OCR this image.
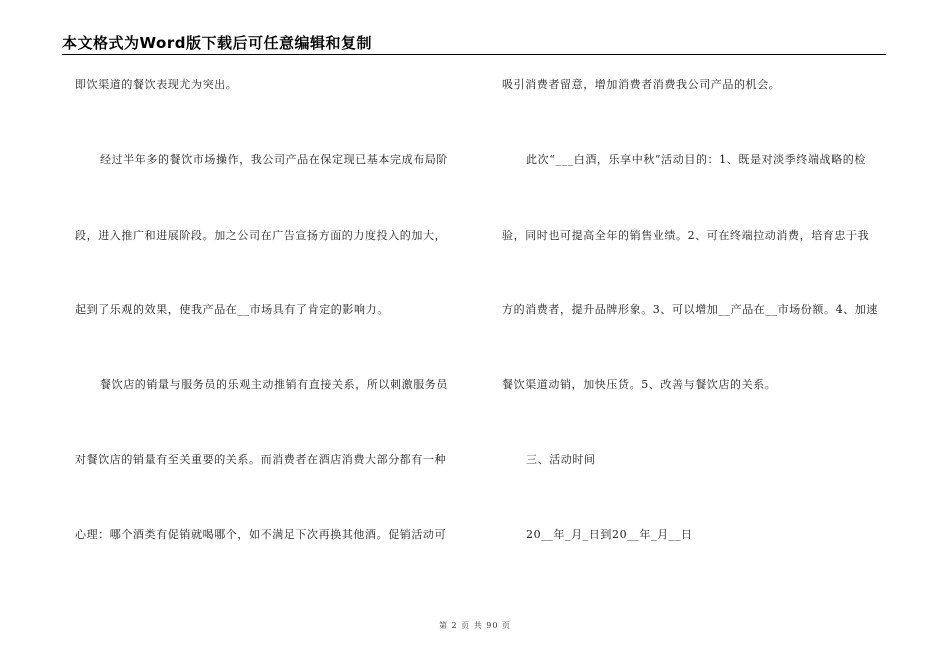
本文格式为Word版下载后可任意编辑和复制
即饮渠道的餐饮表现尤为突出。
经过半年多的餐饮市场操作，我公司产品在保定现已基本完成布局阶
段，进入推广和进展阶段。加之公司在广告宣扬方面的力度投入的加大，
起到了乐观的效果，使我产品在__市场具有了肯定的影响力。
餐饮店的销量与服务员的乐观主动推销有直接关系，所以刺激服务员
对餐饮店的销量有至关重要的关系。而消费者在酒店消费大部分都有一种
心理：哪个酒类有促销就喝哪个，如不满足下次再换其他酒。促销活动可
吸引消费者留意，增加消费者消费我公司产品的机会。
此次“___白酒，乐享中秋”活动目的：1、既是对淡季终端战略的检
验，同时也可提高全年的销售业绩。2、可在终端拉动消费，培育忠于我
方的消费者，提升品牌形象。3、可以增加__产品在__市场份额。4、加速
餐饮渠道动销，加快压货。5、改善与餐饮店的关系。
三、活动时间
20__年_月_日到20__年_月__日
第 2 页 共 90 页
